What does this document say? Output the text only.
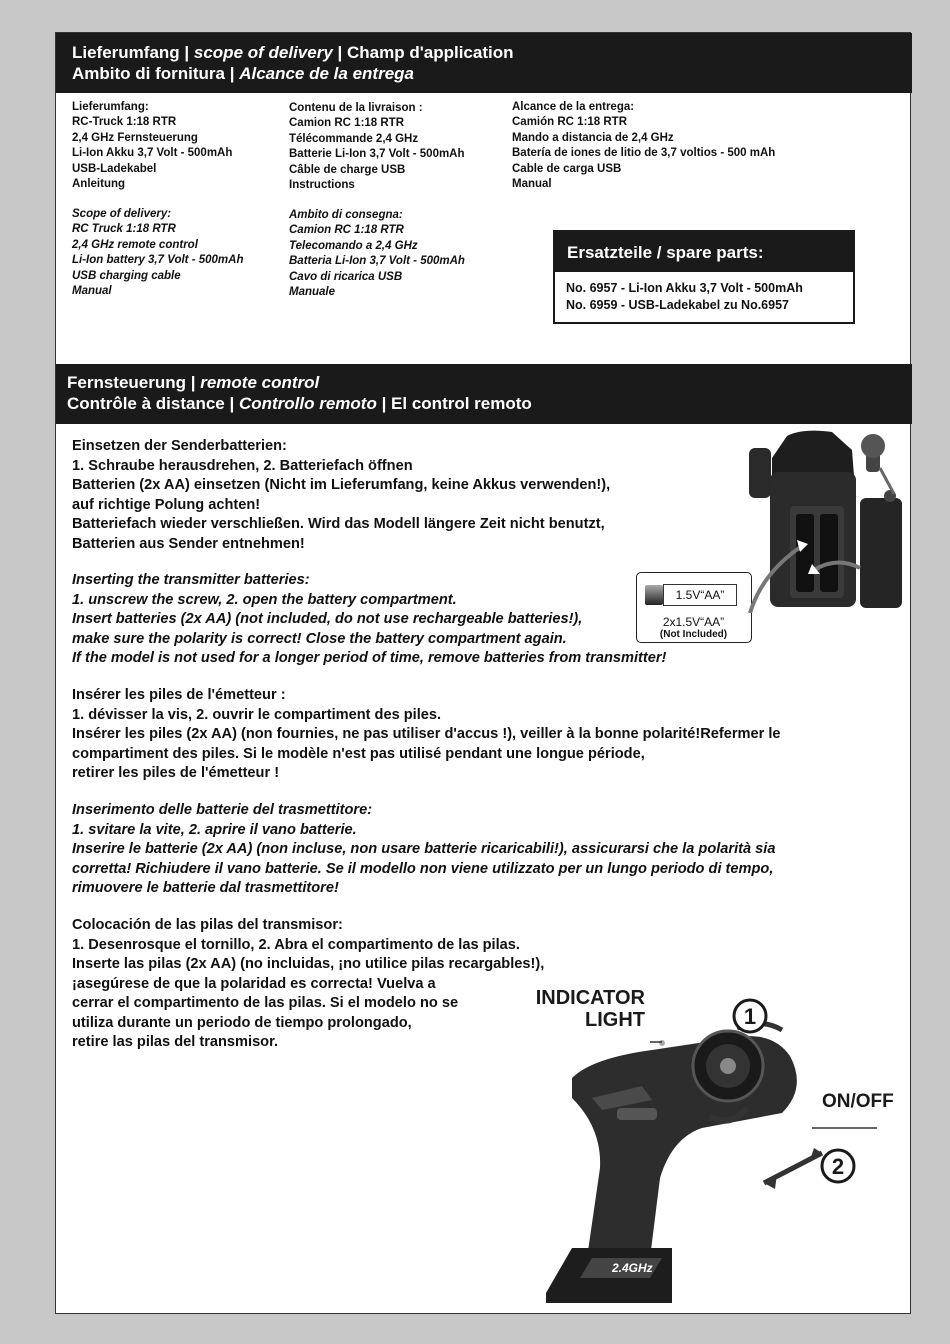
Lieferumfang | scope of delivery | Champ d'application
Ambito di fornitura | Alcance de la entrega
Lieferumfang:
RC-Truck 1:18 RTR
2,4 GHz Fernsteuerung
Li-Ion Akku 3,7 Volt - 500mAh
USB-Ladekabel
Anleitung
Contenu de la livraison :
Camion RC 1:18 RTR
Télécommande 2,4 GHz
Batterie Li-Ion 3,7 Volt - 500mAh
Câble de charge USB
Instructions
Alcance de la entrega:
Camión RC 1:18 RTR
Mando a distancia de 2,4 GHz
Batería de iones de litio de 3,7 voltios - 500 mAh
Cable de carga USB
Manual
Scope of delivery:
RC Truck 1:18 RTR
2,4 GHz remote control
Li-Ion battery 3,7 Volt - 500mAh
USB charging cable
Manual
Ambito di consegna:
Camion RC 1:18 RTR
Telecomando a 2,4 GHz
Batteria Li-Ion 3,7 Volt - 500mAh
Cavo di ricarica USB
Manuale
Ersatzteile / spare parts:
No. 6957 - Li-Ion Akku 3,7 Volt - 500mAh
No. 6959 - USB-Ladekabel zu No.6957
Fernsteuerung | remote control
Contrôle à distance | Controllo remoto | El control remoto
Einsetzen der Senderbatterien:
1. Schraube herausdrehen, 2. Batteriefach öffnen
Batterien (2x AA) einsetzen (Nicht im Lieferumfang, keine Akkus verwenden!),
auf richtige Polung achten!
Batteriefach wieder verschließen. Wird das Modell längere Zeit nicht benutzt,
Batterien aus Sender entnehmen!
Inserting the transmitter batteries:
1. unscrew the screw, 2. open the battery compartment.
Insert batteries (2x AA) (not included, do not use rechargeable batteries!),
make sure the polarity is correct! Close the battery compartment again.
If the model is not used for a longer period of time, remove batteries from transmitter!
Insérer les piles de l'émetteur :
1. dévisser la vis, 2. ouvrir le compartiment des piles.
Insérer les piles (2x AA) (non fournies, ne pas utiliser d'accus !), veiller à la bonne polarité!Refermer le
compartiment des piles. Si le modèle n'est pas utilisé pendant une longue période,
retirer les piles de l'émetteur !
Inserimento delle batterie del trasmettitore:
1. svitare la vite, 2. aprire il vano batterie.
Inserire le batterie (2x AA) (non incluse, non usare batterie ricaricabili!), assicurarsi che la polarità sia
corretta! Richiudere il vano batterie. Se il modello non viene utilizzato per un lungo periodo di tempo,
rimuovere le batterie dal trasmettitore!
Colocación de las pilas del transmisor:
1. Desenrosque el tornillo, 2. Abra el compartimento de las pilas.
Inserte las pilas (2x AA) (no incluidas, ¡no utilice pilas recargables!),
¡asegúrese de que la polaridad es correcta! Vuelva a
cerrar el compartimento de las pilas. Si el modelo no se
utiliza durante un periodo de tiempo prolongado,
retire las pilas del transmisor.
1.5V“AA”
2x1.5V“AA”
(Not Included)
1
2
2.4GHz
INDICATOR
LIGHT
ON/OFF
